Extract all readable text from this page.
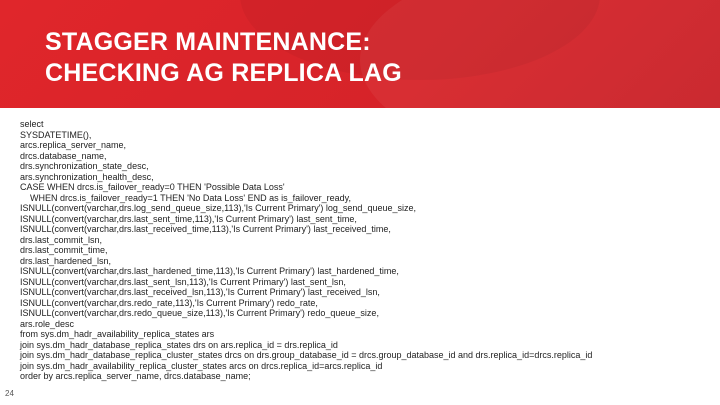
STAGGER MAINTENANCE:
CHECKING AG REPLICA LAG
select
SYSDATETIME(),
arcs.replica_server_name,
drcs.database_name,
drs.synchronization_state_desc,
ars.synchronization_health_desc,
CASE WHEN drcs.is_failover_ready=0 THEN 'Possible Data Loss'
WHEN drcs.is_failover_ready=1 THEN 'No Data Loss' END as is_failover_ready,
ISNULL(convert(varchar,drs.log_send_queue_size,113),'Is Current Primary') log_send_queue_size,
ISNULL(convert(varchar,drs.last_sent_time,113),'Is Current Primary') last_sent_time,
ISNULL(convert(varchar,drs.last_received_time,113),'Is Current Primary') last_received_time,
drs.last_commit_lsn,
drs.last_commit_time,
drs.last_hardened_lsn,
ISNULL(convert(varchar,drs.last_hardened_time,113),'Is Current Primary') last_hardened_time,
ISNULL(convert(varchar,drs.last_sent_lsn,113),'Is Current Primary') last_sent_lsn,
ISNULL(convert(varchar,drs.last_received_lsn,113),'Is Current Primary') last_received_lsn,
ISNULL(convert(varchar,drs.redo_rate,113),'Is Current Primary') redo_rate,
ISNULL(convert(varchar,drs.redo_queue_size,113),'Is Current Primary') redo_queue_size,
ars.role_desc
from sys.dm_hadr_availability_replica_states ars
join sys.dm_hadr_database_replica_states drs on ars.replica_id = drs.replica_id
join sys.dm_hadr_database_replica_cluster_states drcs on drs.group_database_id = drcs.group_database_id and drs.replica_id=drcs.replica_id
join sys.dm_hadr_availability_replica_cluster_states arcs on drcs.replica_id=arcs.replica_id
order by arcs.replica_server_name, drcs.database_name;
24
